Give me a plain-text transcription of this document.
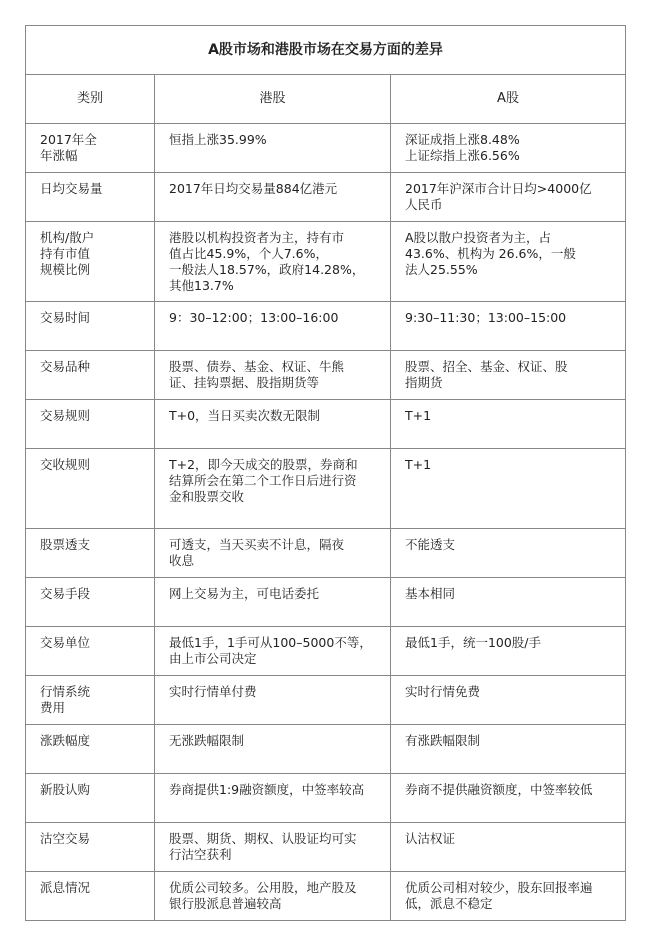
A股市场和港股市场在交易方面的差异		
类别	港股	A股

2017年全
年涨幅	恒指上涨35.99%	深证成指上涨8.48%
上证综指上涨6.56%

日均交易量	2017年日均交易量884亿港元	2017年沪深市合计日均>4000亿
人民币

机构/散户
持有市值
规模比例	港股以机构投资者为主，持有市
值占比45.9%，个人7.6%，
一般法人18.57%，政府14.28%，
其他13.7%	A股以散户投资者为主，占
43.6%、机构为 26.6%，一般
法人25.55%

交易时间	9：30–12:00；13:00–16:00	9:30–11:30；13:00–15:00

交易品种	股票、债券、基金、权证、牛熊
证、挂钩票据、股指期货等	股票、招全、基金、权证、股
指期货

交易规则	T+0，当日买卖次数无限制	T+1

交收规则	T+2，即今天成交的股票，券商和
结算所会在第二个工作日后进行资
金和股票交收	T+1

股票透支	可透支，当天买卖不计息，隔夜
收息	不能透支

交易手段	网上交易为主，可电话委托	基本相同

交易单位	最低1手，1手可从100–5000不等，
由上市公司决定	最低1手，统一100股/手

行情系统
费用	实时行情单付费	实时行情免费

涨跌幅度	无涨跌幅限制	有涨跌幅限制

新股认购	券商提供1:9融资额度，中签率较高	券商不提供融资额度，中签率较低

沽空交易	股票、期货、期权、认股证均可实
行沽空获利	认沽权证

派息情况	优质公司较多。公用股，地产股及
银行股派息普遍较高	优质公司相对较少，股东回报率遍
低，派息不稳定
